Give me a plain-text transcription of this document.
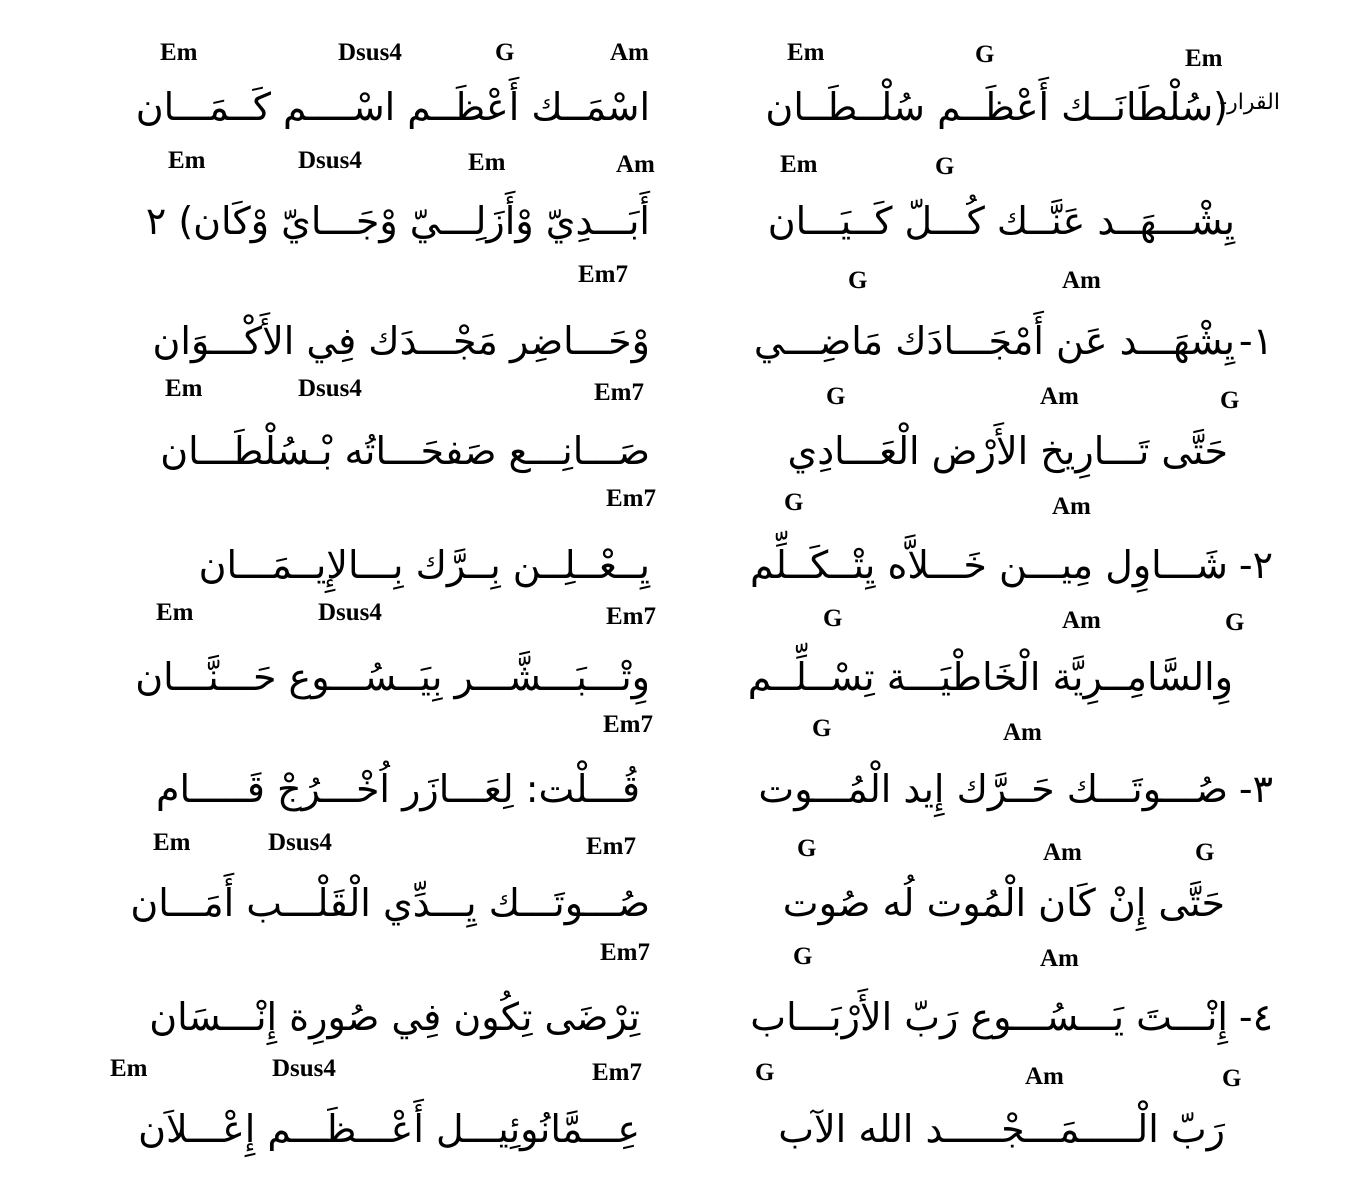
Em	G	Em
Em	Dsus4	G	Am
القرار-
(سُلْطَانَــك أَعْظَــم سُلْــطَــان
اسْمَــك أَعْظَــم اسْــــم كَــمَـــان
Em	G
Em	Dsus4	Em	Am
يِشْـــهَــد عَنَّــك كُـــلّ كَــيَـــان
أَبَـــدِيّ وْأَزَلِـــيّ وْجَـــايّ وْكَان) ٢
G	Am
Em7
١-
يِشْهَـــد عَن أَمْجَـــادَك مَاضِـــي
وْحَـــاضِر مَجْـــدَك فِي الأَكْـــوَان
G	Am	G
Em	Dsus4	Em7
حَتَّى تَـــارِيخ الأَرْض الْعَـــادِي
صَـــانِـــع صَفحَـــاتُه بْـسُلْطَـــان
G	Am
Em7
٢-
شَـــاوِل مِيـــن خَـــلاَّه يِتْــكَــلِّم
يِــعْــلِــن بِــرَّك بِـــالإِيــمَـــان
G	Am	G
Em	Dsus4	Em7
وِالسَّامِــرِيَّة الْخَاطْيَـــة تِسْــلِّــم
وِتْـــبَـــشَّـــر بِيَــسُـــوع حَـــنَّـــان
G	Am
Em7
٣-
صُـــوتَـــك حَــرَّك إِيد الْمُـــوت
قُـــلْت: لِعَـــازَر اُخْـــرُجْ قَـــــام
G	Am	G
Em	Dsus4	Em7
حَتَّى إِنْ كَان الْمُوت لُه صُوت
صُـــوتَـــك يِـــدِّي الْقَلْـــب أَمَـــان
G	Am
Em7
٤-
إِنْـــتَ يَـــسُـــوع رَبّ الأَرْبَـــاب
تِرْضَى تِكُون فِي صُورِة إِنْـــسَان
G	Am	G
Em	Dsus4	Em7
رَبّ الْـــــمَـــجْـــــد الله الآب
عِـــمَّانُوئِيـــل أَعْـــظَـــم إِعْـــلاَن
